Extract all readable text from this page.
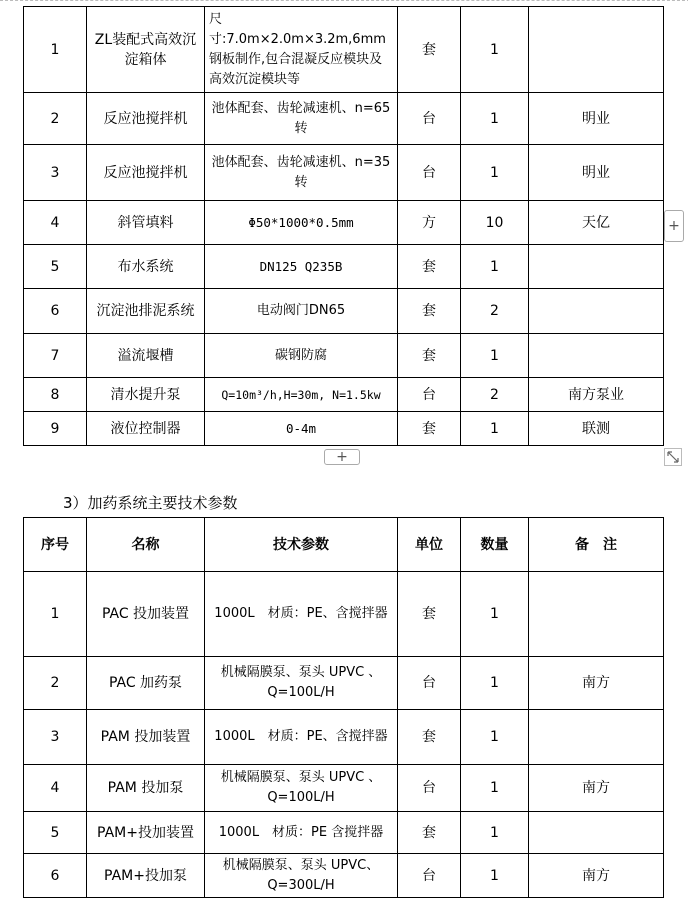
1	ZL装配式高效沉淀箱体	尺寸:7.0m×2.0m×3.2m,6mm钢板制作,包合混凝反应模块及高效沉淀模块等	套	1	
2	反应池搅拌机	池体配套、齿轮减速机、n=65转	台	1	明业
3	反应池搅拌机	池体配套、齿轮减速机、n=35转	台	1	明业
4	斜管填料	Φ50*1000*0.5mm	方	10	天亿
5	布水系统	DN125 Q235B	套	1	
6	沉淀池排泥系统	电动阀门DN65	套	2	
7	溢流堰槽	碳钢防腐	套	1	
8	清水提升泵	Q=10m³/h,H=30m, N=1.5kw	台	2	南方泵业
9	液位控制器	0-4m	套	1	联测
+
+
3）加药系统主要技术参数
序号	名称	技术参数	单位	数量	备　注
1	PAC 投加装置	1000L　材质：PE、含搅拌器	套	1	
2	PAC 加药泵	机械隔膜泵、泵头 UPVC 、Q=100L/H	台	1	南方
3	PAM 投加装置	1000L　材质：PE、含搅拌器	套	1	
4	PAM 投加泵	机械隔膜泵、泵头 UPVC 、Q=100L/H	台	1	南方
5	PAM+投加装置	1000L　材质：PE 含搅拌器	套	1	
6	PAM+投加泵	机械隔膜泵、泵头 UPVC、Q=300L/H	台	1	南方
